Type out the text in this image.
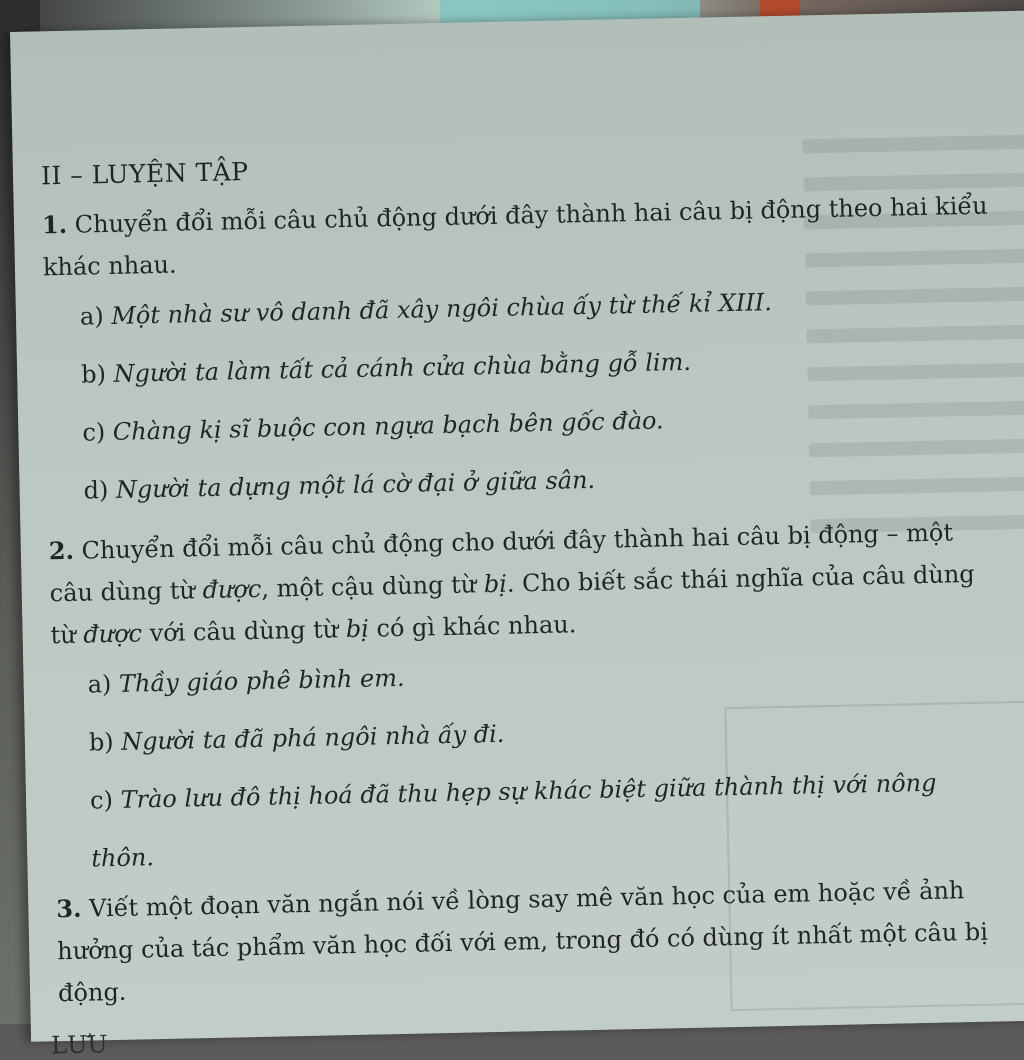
II – LUYỆN TẬP

1. Chuyển đổi mỗi câu chủ động dưới đây thành hai câu bị động theo hai kiểu khác nhau.

a) Một nhà sư vô danh đã xây ngôi chùa ấy từ thế kỉ XIII.

b) Người ta làm tất cả cánh cửa chùa bằng gỗ lim.

c) Chàng kị sĩ buộc con ngựa bạch bên gốc đào.

d) Người ta dựng một lá cờ đại ở giữa sân.

2. Chuyển đổi mỗi câu chủ động cho dưới đây thành hai câu bị động – một câu dùng từ được, một cậu dùng từ bị. Cho biết sắc thái nghĩa của câu dùng từ được với câu dùng từ bị có gì khác nhau.

a) Thầy giáo phê bình em.

b) Người ta đã phá ngôi nhà ấy đi.

c) Trào lưu đô thị hoá đã thu hẹp sự khác biệt giữa thành thị với nông thôn.

3. Viết một đoạn văn ngắn nói về lòng say mê văn học của em hoặc về ảnh hưởng của tác phẩm văn học đối với em, trong đó có dùng ít nhất một câu bị động.

LƯU
